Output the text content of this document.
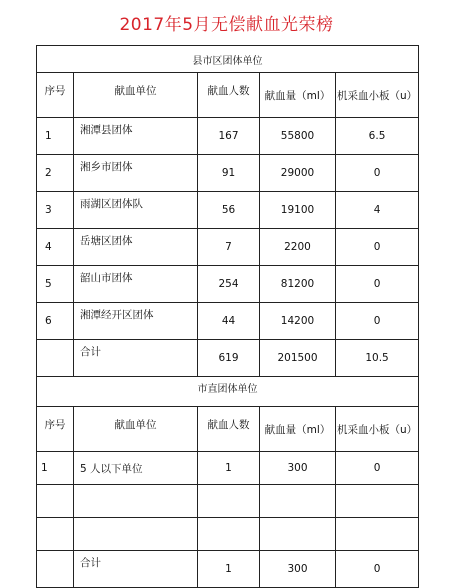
2017年5月无偿献血光荣榜
县市区团体单位				
序号	献血单位	献血人数	献血量（ml）	机采血小板（u）
1	湘潭县团体	167	55800	6.5
2	湘乡市团体	91	29000	0
3	雨湖区团体队	56	19100	4
4	岳塘区团体	7	2200	0
5	韶山市团体	254	81200	0
6	湘潭经开区团体	44	14200	0
	合计	619	201500	10.5
市直团体单位				
序号	献血单位	献血人数	献血量（ml）	机采血小板（u）
1	5 人以下单位	1	300	0

	合计	1	300	0
